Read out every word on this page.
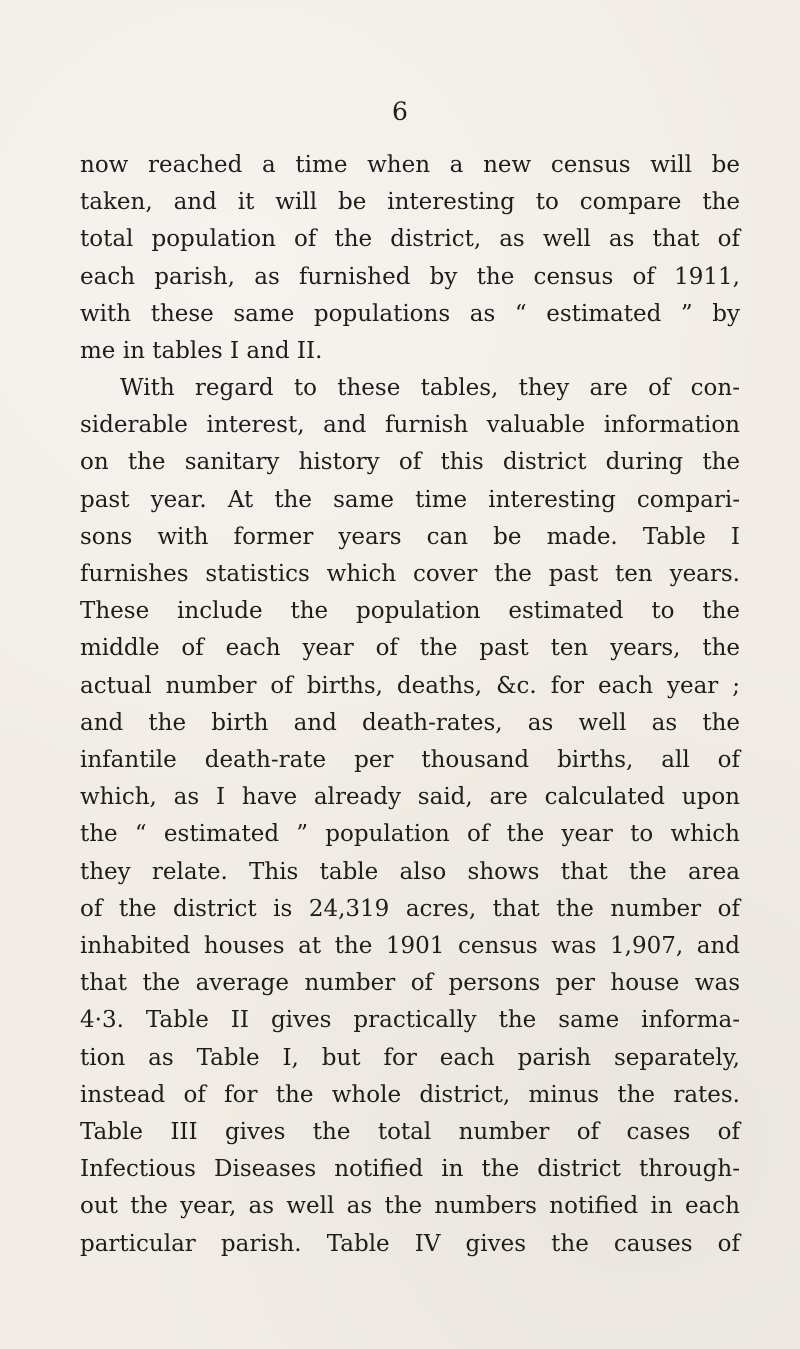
6

now reached a time when a new census will be
taken, and it will be interesting to compare the
total population of the district, as well as that of
each parish, as furnished by the census of 1911,
with these same populations as “ estimated ” by
me in tables I and II.

With regard to these tables, they are of con-
siderable interest, and furnish valuable information
on the sanitary history of this district during the
past year. At the same time interesting compari-
sons with former years can be made. Table I
furnishes statistics which cover the past ten years.
These include the population estimated to the
middle of each year of the past ten years, the
actual number of births, deaths, &c. for each year ;
and the birth and death-rates, as well as the
infantile death-rate per thousand births, all of
which, as I have already said, are calculated upon
the “ estimated ” population of the year to which
they relate. This table also shows that the area
of the district is 24,319 acres, that the number of
inhabited houses at the 1901 census was 1,907, and
that the average number of persons per house was
4·3. Table II gives practically the same informa-
tion as Table I, but for each parish separately,
instead of for the whole district, minus the rates.
Table III gives the total number of cases of
Infectious Diseases notified in the district through-
out the year, as well as the numbers notified in each
particular parish. Table IV gives the causes of
